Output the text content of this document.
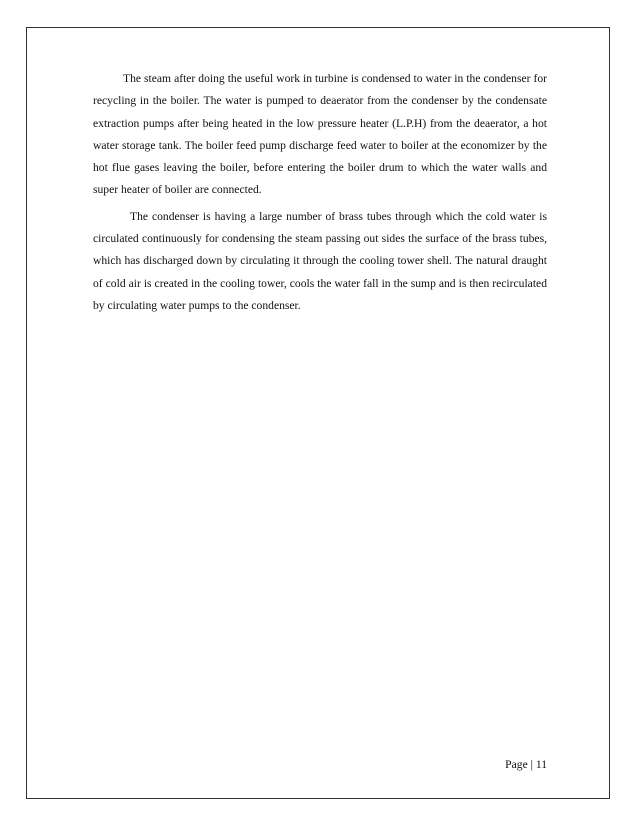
The steam after doing the useful work in turbine is condensed to water in the condenser for recycling in the boiler. The water is pumped to deaerator from the condenser by the condensate extraction pumps after being heated in the low pressure heater (L.P.H) from the deaerator, a hot water storage tank. The boiler feed pump discharge feed water to boiler at the economizer by the hot flue gases leaving the boiler, before entering the boiler drum to which the water walls and super heater of boiler are connected.

The condenser is having a large number of brass tubes through which the cold water is circulated continuously for condensing the steam passing out sides the surface of the brass tubes, which has discharged down by circulating it through the cooling tower shell. The natural draught of cold air is created in the cooling tower, cools the water fall in the sump and is then recirculated by circulating water pumps to the condenser.

Page | 11
